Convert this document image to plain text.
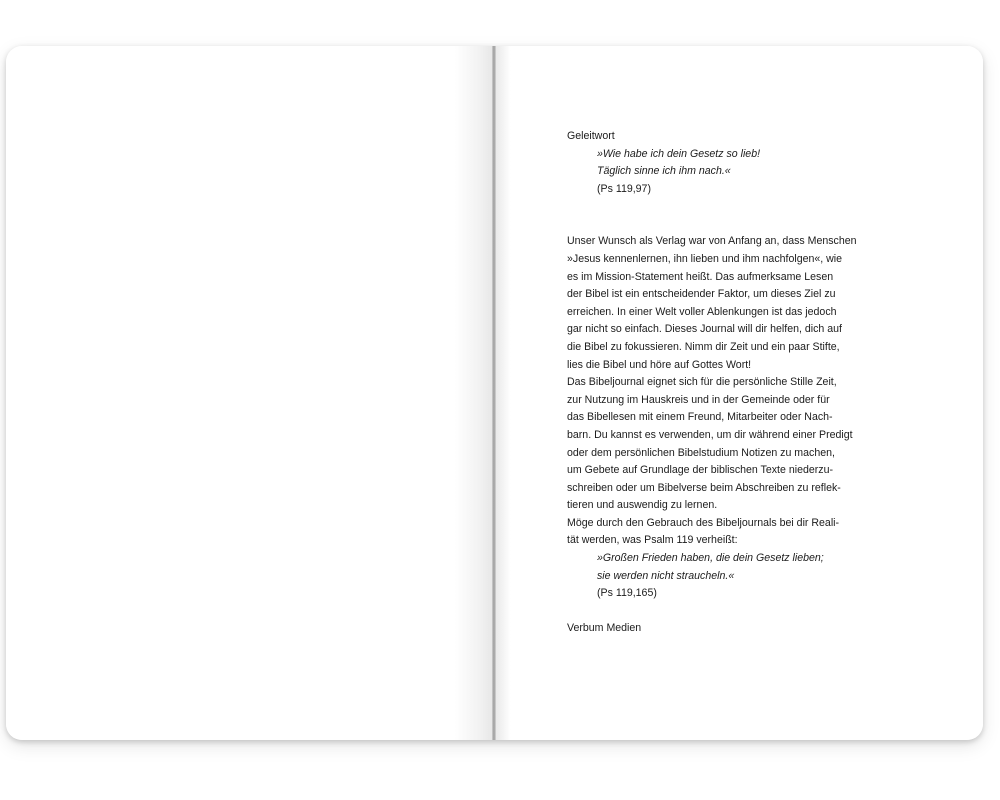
Geleitwort

»Wie habe ich dein Gesetz so lieb!
Täglich sinne ich ihm nach.«
(Ps 119,97)

Unser Wunsch als Verlag war von Anfang an, dass Menschen
»Jesus kennenlernen, ihn lieben und ihm nachfolgen«, wie
es im Mission-Statement heißt. Das aufmerksame Lesen
der Bibel ist ein entscheidender Faktor, um dieses Ziel zu
erreichen. In einer Welt voller Ablenkungen ist das jedoch
gar nicht so einfach. Dieses Journal will dir helfen, dich auf
die Bibel zu fokussieren. Nimm dir Zeit und ein paar Stifte,
lies die Bibel und höre auf Gottes Wort!

Das Bibeljournal eignet sich für die persönliche Stille Zeit,
zur Nutzung im Hauskreis und in der Gemeinde oder für
das Bibellesen mit einem Freund, Mitarbeiter oder Nach-
barn. Du kannst es verwenden, um dir während einer Predigt
oder dem persönlichen Bibelstudium Notizen zu machen,
um Gebete auf Grundlage der biblischen Texte niederzu-
schreiben oder um Bibelverse beim Abschreiben zu reflek-
tieren und auswendig zu lernen.

Möge durch den Gebrauch des Bibeljournals bei dir Reali-
tät werden, was Psalm 119 verheißt:

»Großen Frieden haben, die dein Gesetz lieben;
sie werden nicht straucheln.«
(Ps 119,165)

Verbum Medien
